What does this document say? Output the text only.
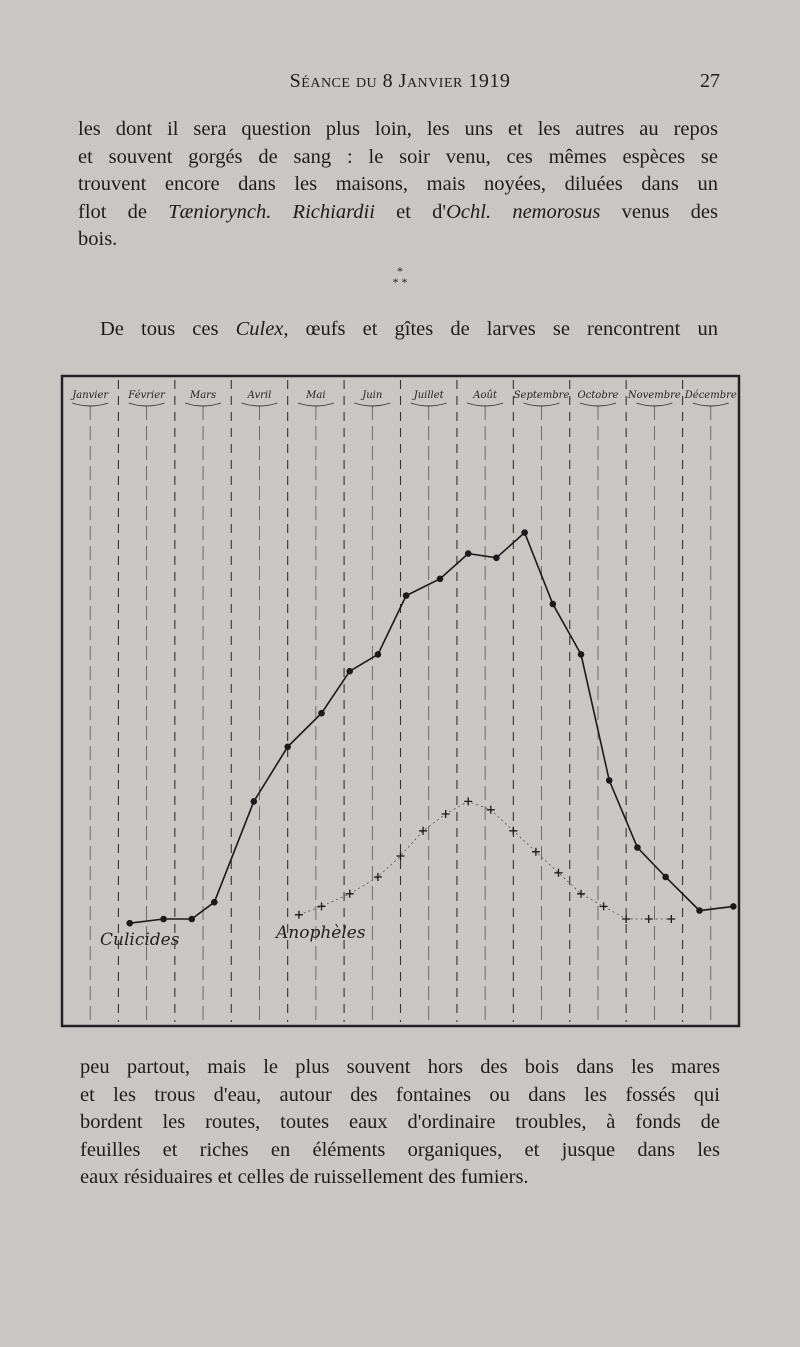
Séance du 8 Janvier 1919	27

les dont il sera question plus loin, les uns et les autres au repos
et souvent gorgés de sang : le soir venu, ces mêmes espèces se
trouvent encore dans les maisons, mais noyées, diluées dans un
flot de Tæniorynch. Richiardii et d'Ochl. nemorosus venus des
bois.

*
* *

De tous ces Culex, œufs et gîtes de larves se rencontrent un

Janvier Février	Mars	Avril	Mai	Juin	Juillet	Août Septembre Octobre Novembre Décembre
Culicides	Anophèles

peu partout, mais le plus souvent hors des bois dans les mares
et les trous d'eau, autour des fontaines ou dans les fossés qui
bordent les routes, toutes eaux d'ordinaire troubles, à fonds de
feuilles et riches en éléments organiques, et jusque dans les
eaux résiduaires et celles de ruissellement des fumiers.
